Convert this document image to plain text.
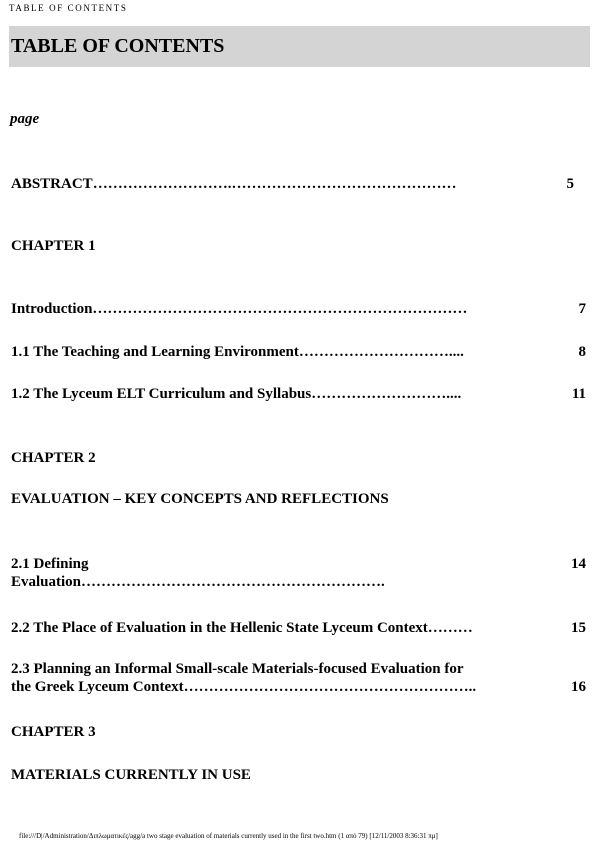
TABLE OF CONTENTS
TABLE OF CONTENTS
page
ABSTRACT ……………………….………………………………………	5
CHAPTER 1
Introduction …………………………………………………………………	7
1.1 The Teaching and Learning Environment …………………………....	8
1.2 The Lyceum ELT Curriculum and Syllabus ………………………....	11
CHAPTER 2
EVALUATION – KEY CONCEPTS AND REFLECTIONS
2.1 Defining	14
Evaluation…………………………………………………….
2.2 The Place of Evaluation in the Hellenic State Lyceum Context ………	15
2.3 Planning an Informal Small-scale Materials-focused Evaluation for
the Greek Lyceum Context …………………………………………………..	16
CHAPTER 3
MATERIALS CURRENTLY IN USE
file:///D|/Administration/Διπλωματικές/agg/a two stage evaluation of materials currently used in the first two.htm (1 από 79) [12/11/2003 8:36:31 πμ]
